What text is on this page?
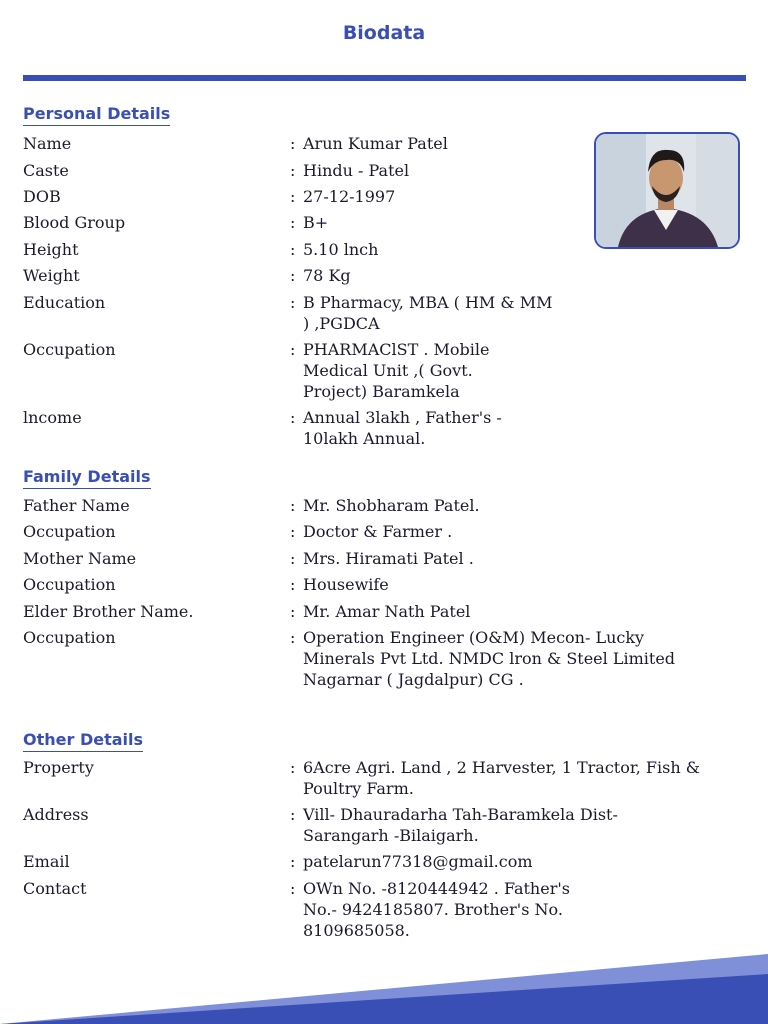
Biodata
Personal Details
Name	: Arun Kumar Patel
Caste	: Hindu - Patel
DOB	: 27-12-1997
Blood Group	: B+
Height	: 5.10 lnch
Weight	: 78 Kg
Education	: B Pharmacy, MBA ( HM & MM ) ,PGDCA
Occupation	: PHARMAClST . Mobile Medical Unit ,( Govt. Project) Baramkela
lncome	: Annual 3lakh , Father's - 10lakh Annual.
Family Details
Father Name	: Mr. Shobharam Patel.
Occupation	: Doctor & Farmer .
Mother Name	: Mrs. Hiramati Patel .
Occupation	: Housewife
Elder Brother Name.	: Mr. Amar Nath Patel
Occupation	: Operation Engineer (O&M) Mecon- Lucky Minerals Pvt Ltd. NMDC lron & Steel Limited Nagarnar ( Jagdalpur) CG .
Other Details
Property	: 6Acre Agri. Land , 2 Harvester, 1 Tractor, Fish & Poultry Farm.
Address	: Vill- Dhauradarha Tah-Baramkela Dist-Sarangarh -Bilaigarh.
Email	: patelarun77318@gmail.com
Contact	: OWn No. -8120444942 . Father's No.- 9424185807. Brother's No. 8109685058.
